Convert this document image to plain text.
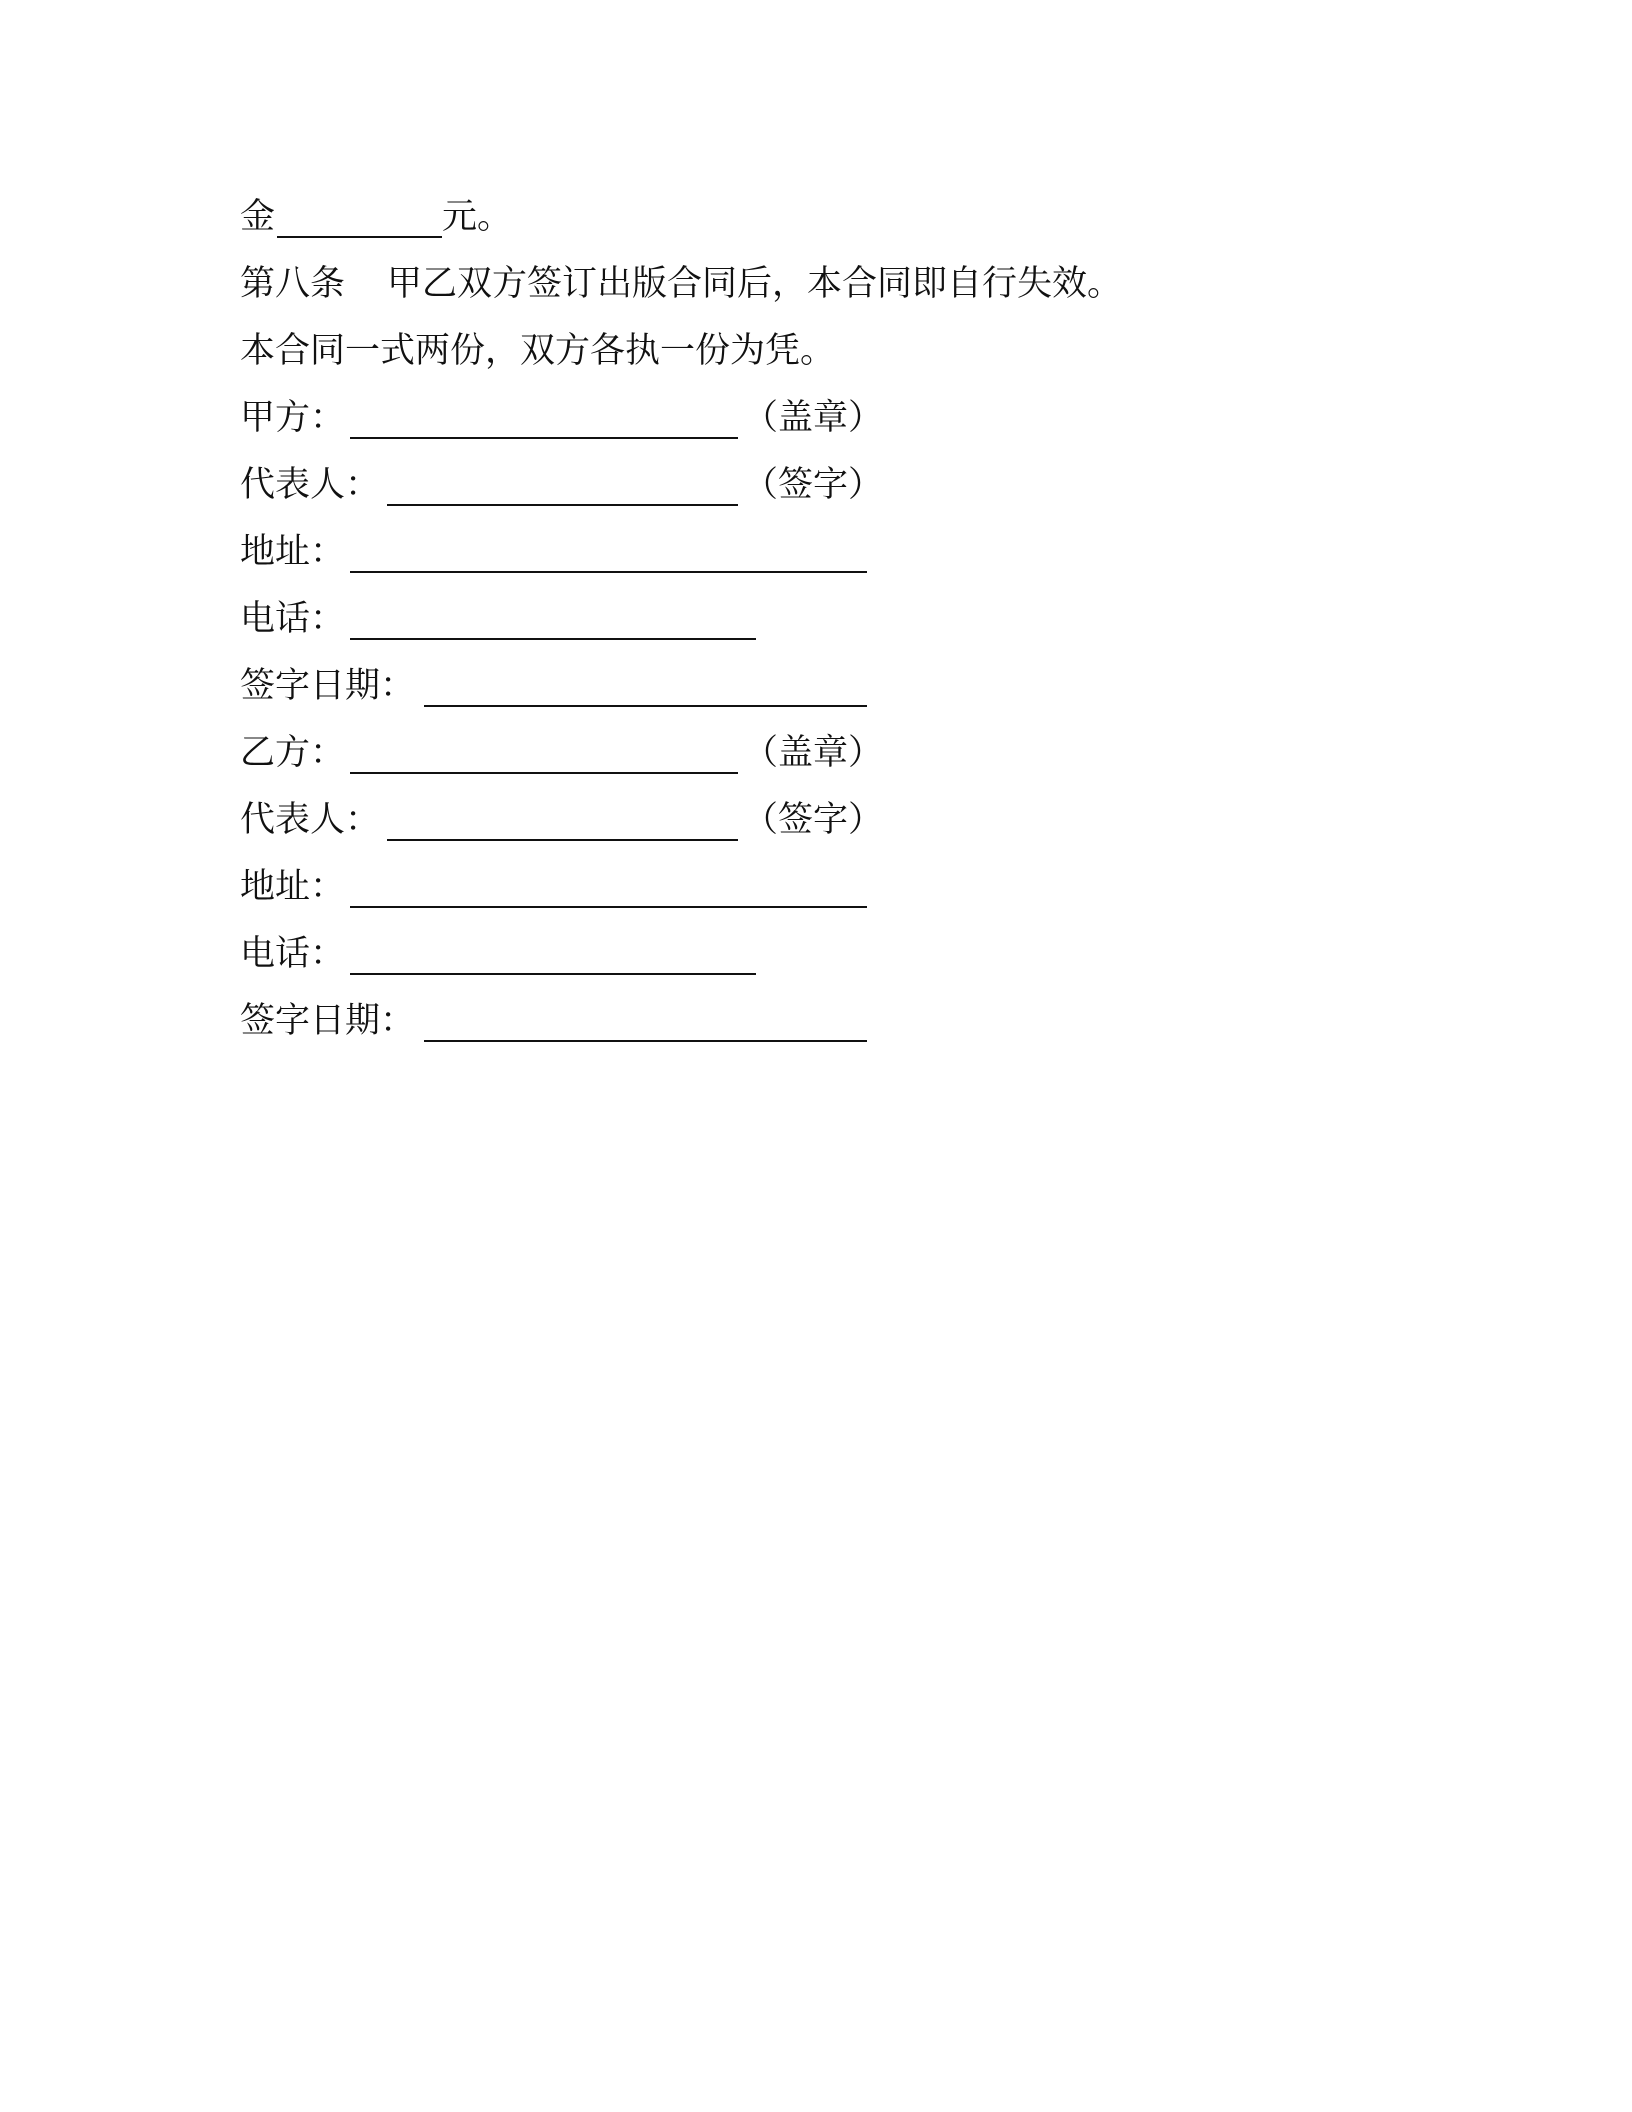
金	元。
第八条 甲乙双方签订出版合同后，本合同即自行失效。
本合同一式两份，双方各执一份为凭。
甲方：	（盖章）
代表人：	（签字）
地址：
电话：
签字日期：
乙方：	（盖章）
代表人：	（签字）
地址：
电话：
签字日期：
